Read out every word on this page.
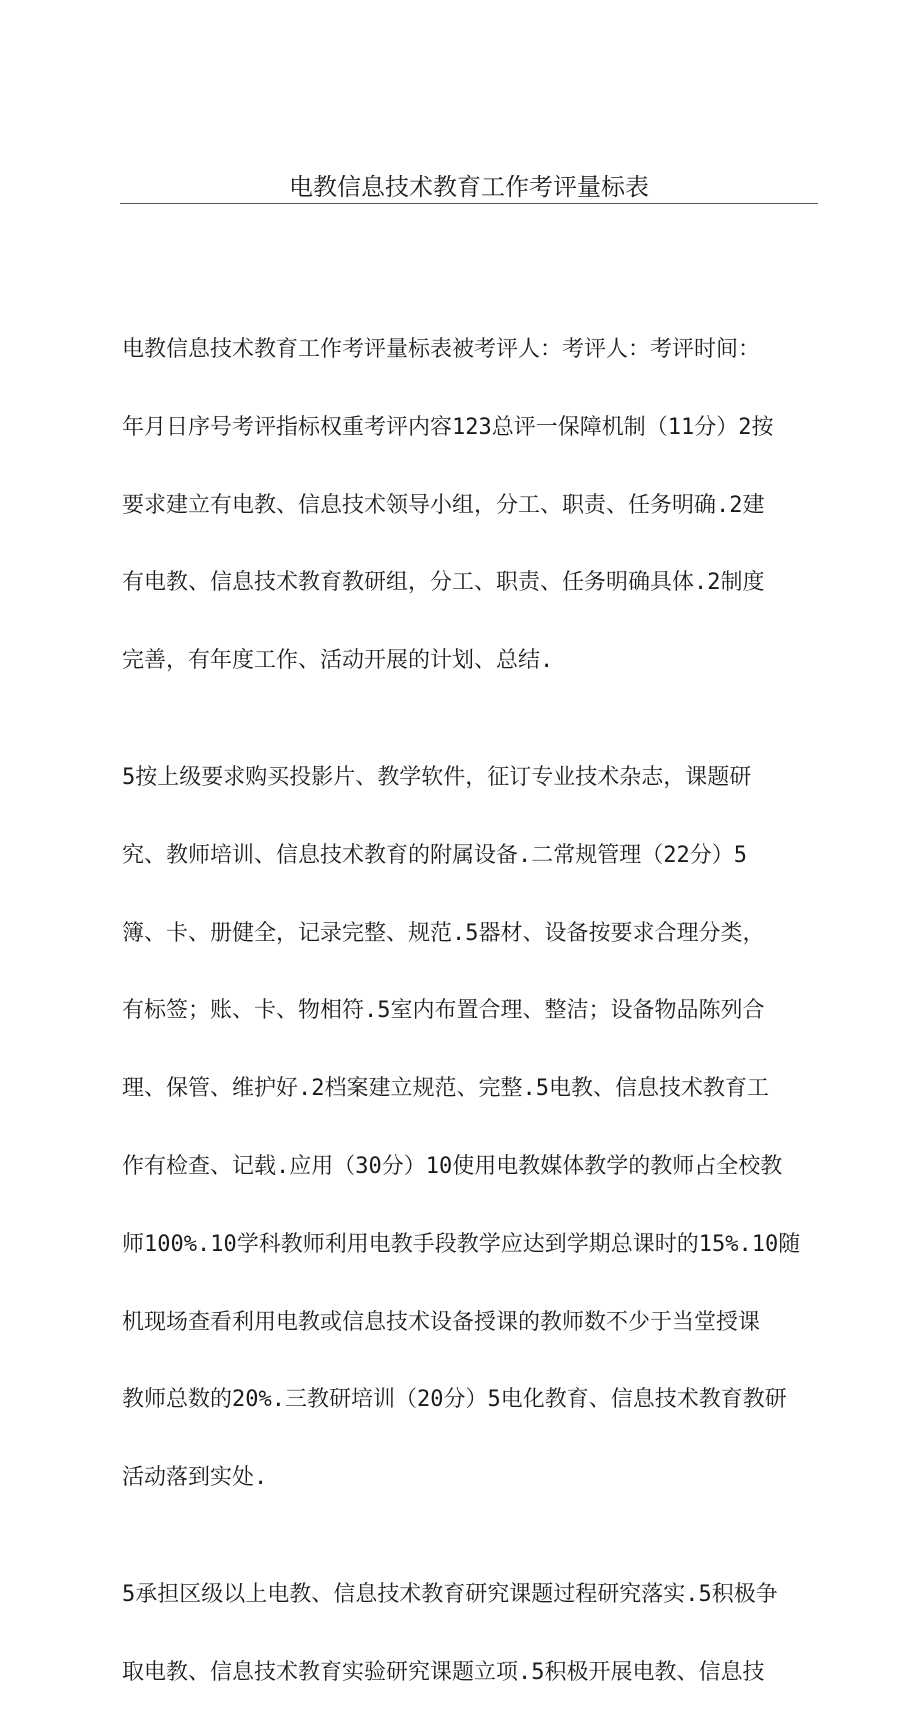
电教信息技术教育工作考评量标表

电教信息技术教育工作考评量标表被考评人：考评人：考评时间：

年月日序号考评指标权重考评内容123总评一保障机制（11分）2按

要求建立有电教、信息技术领导小组，分工、职责、任务明确.2建

有电教、信息技术教育教研组，分工、职责、任务明确具体.2制度

完善，有年度工作、活动开展的计划、总结.

5按上级要求购买投影片、教学软件，征订专业技术杂志，课题研

究、教师培训、信息技术教育的附属设备.二常规管理（22分）5

簿、卡、册健全，记录完整、规范.5器材、设备按要求合理分类，

有标签；账、卡、物相符.5室内布置合理、整洁；设备物品陈列合

理、保管、维护好.2档案建立规范、完整.5电教、信息技术教育工

作有检查、记载.应用（30分）10使用电教媒体教学的教师占全校教

师100%.10学科教师利用电教手段教学应达到学期总课时的15%.10随

机现场查看利用电教或信息技术设备授课的教师数不少于当堂授课

教师总数的20%.三教研培训（20分）5电化教育、信息技术教育教研

活动落到实处.

5承担区级以上电教、信息技术教育研究课题过程研究落实.5积极争

取电教、信息技术教育实验研究课题立项.5积极开展电教、信息技
